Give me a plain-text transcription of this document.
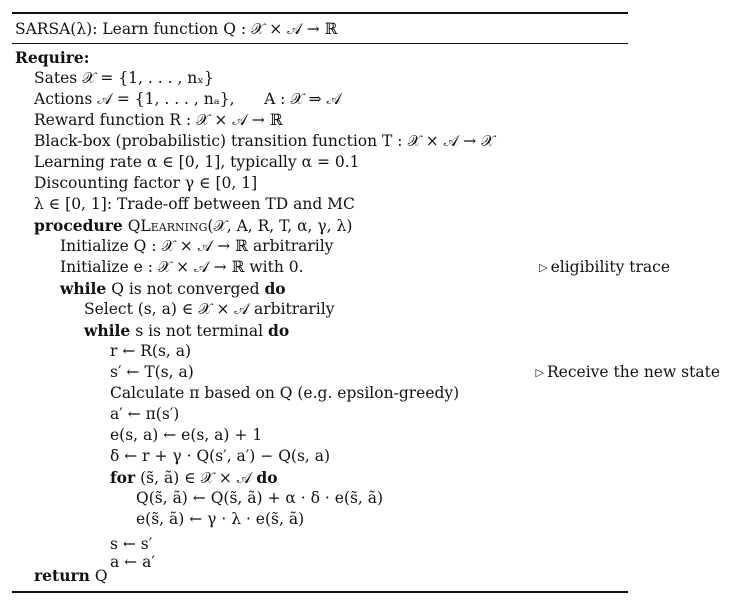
SARSA(λ): Learn function Q : 𝒳 × 𝒜 → ℝ
Require:
Sates 𝒳 = {1, . . . , nₓ}
Actions 𝒜 = {1, . . . , nₐ},      A : 𝒳 ⇒ 𝒜
Reward function R : 𝒳 × 𝒜 → ℝ
Black-box (probabilistic) transition function T : 𝒳 × 𝒜 → 𝒳
Learning rate α ∈ [0, 1], typically α = 0.1
Discounting factor γ ∈ [0, 1]
λ ∈ [0, 1]: Trade-off between TD and MC
procedure QLearning(𝒳, A, R, T, α, γ, λ)
Initialize Q : 𝒳 × 𝒜 → ℝ arbitrarily
Initialize e : 𝒳 × 𝒜 → ℝ with 0.	▷ eligibility trace
while Q is not converged do
Select (s, a) ∈ 𝒳 × 𝒜 arbitrarily
while s is not terminal do
r ← R(s, a)
s′ ← T(s, a)	▷ Receive the new state
Calculate π based on Q (e.g. epsilon-greedy)
a′ ← π(s′)
e(s, a) ← e(s, a) + 1
δ ← r + γ · Q(s′, a′) − Q(s, a)
for (s̃, ã) ∈ 𝒳 × 𝒜 do
Q(s̃, ã) ← Q(s̃, ã) + α · δ · e(s̃, ã)
e(s̃, ã) ← γ · λ · e(s̃, ã)
s ← s′
a ← a′
return Q
